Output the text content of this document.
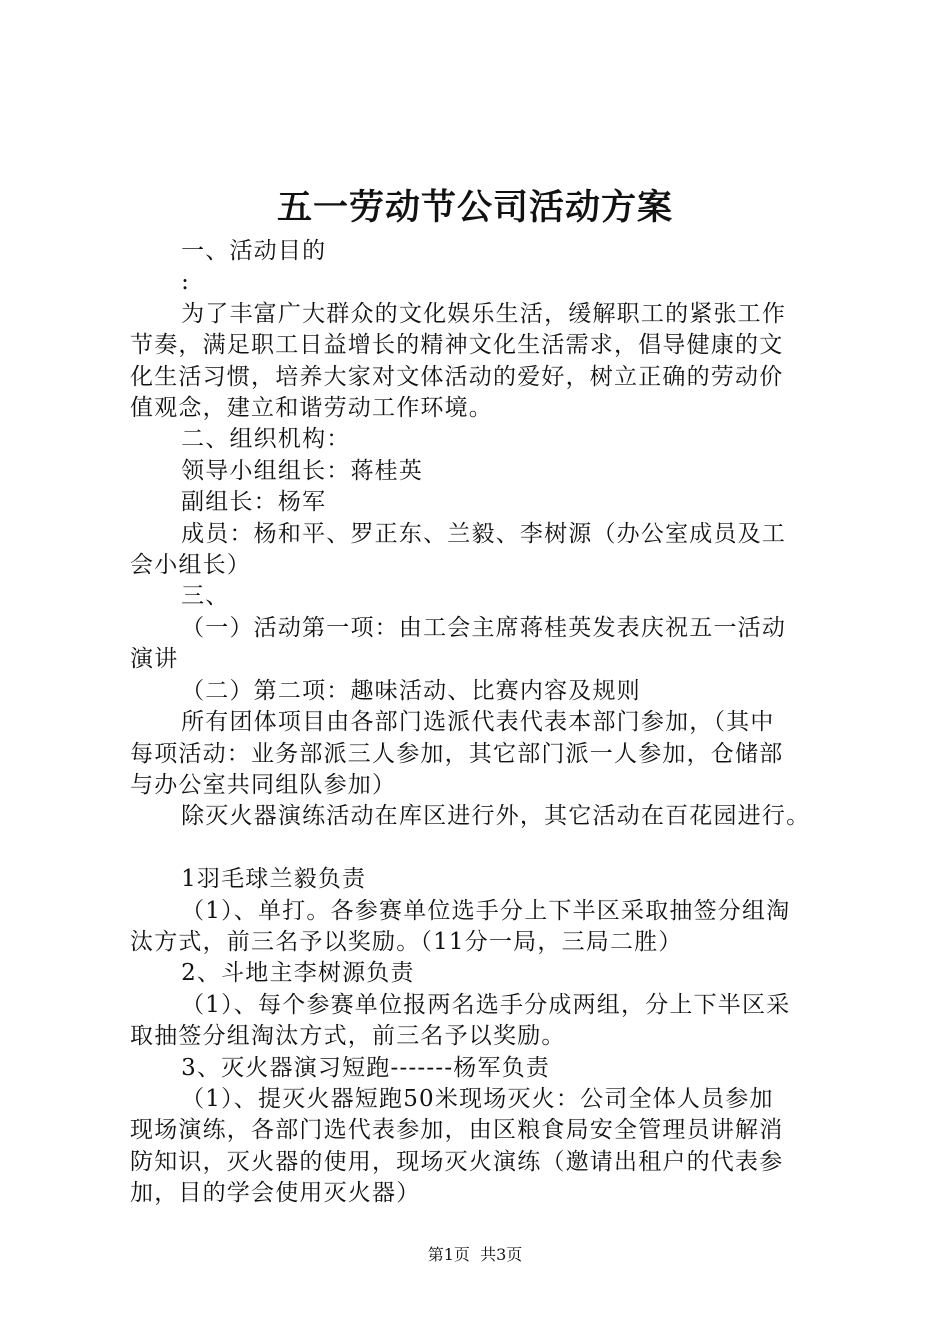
五一劳动节公司活动方案
一、活动目的
:
为了丰富广大群众的文化娱乐生活，缓解职工的紧张工作
节奏，满足职工日益增长的精神文化生活需求，倡导健康的文
化生活习惯，培养大家对文体活动的爱好，树立正确的劳动价
值观念，建立和谐劳动工作环境。
二、组织机构：
领导小组组长：蒋桂英
副组长：杨军
成员：杨和平、罗正东、兰毅、李树源（办公室成员及工
会小组长）
三、
（一）活动第一项：由工会主席蒋桂英发表庆祝五一活动
演讲
（二）第二项：趣味活动、比赛内容及规则
所有团体项目由各部门选派代表代表本部门参加，（其中
每项活动：业务部派三人参加，其它部门派一人参加，仓储部
与办公室共同组队参加）
除灭火器演练活动在库区进行外，其它活动在百花园进行。
1羽毛球兰毅负责
（1）、单打。各参赛单位选手分上下半区采取抽签分组淘
汰方式，前三名予以奖励。（11分一局，三局二胜）
2、斗地主李树源负责
（1）、每个参赛单位报两名选手分成两组，分上下半区采
取抽签分组淘汰方式，前三名予以奖励。
3、灭火器演习短跑-------杨军负责
（1）、提灭火器短跑50米现场灭火：公司全体人员参加
现场演练，各部门选代表参加，由区粮食局安全管理员讲解消
防知识，灭火器的使用，现场灭火演练（邀请出租户的代表参
加，目的学会使用灭火器）
第1页  共3页
